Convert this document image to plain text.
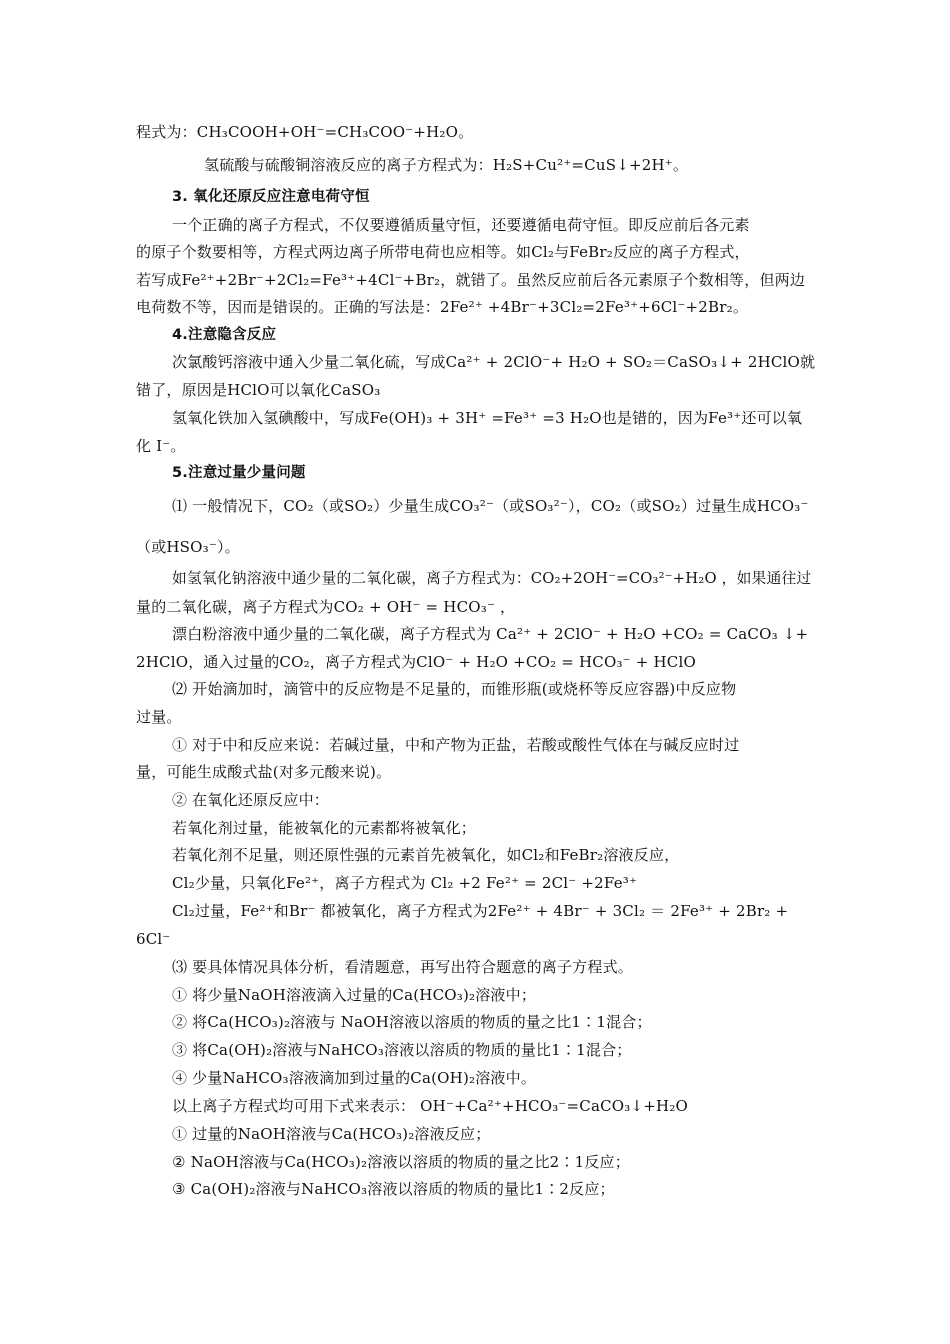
程式为：CH₃COOH+OH⁻=CH₃COO⁻+H₂O。
氢硫酸与硫酸铜溶液反应的离子方程式为：H₂S+Cu²⁺=CuS↓+2H⁺。
3. 氧化还原反应注意电荷守恒
一个正确的离子方程式，不仅要遵循质量守恒，还要遵循电荷守恒。即反应前后各元素
的原子个数要相等，方程式两边离子所带电荷也应相等。如Cl₂与FeBr₂反应的离子方程式，
若写成Fe²⁺+2Br⁻+2Cl₂=Fe³⁺+4Cl⁻+Br₂，就错了。虽然反应前后各元素原子个数相等，但两边
电荷数不等，因而是错误的。正确的写法是：2Fe²⁺ +4Br⁻+3Cl₂=2Fe³⁺+6Cl⁻+2Br₂。
4.注意隐含反应
次氯酸钙溶液中通入少量二氧化硫，写成Ca²⁺ + 2ClO⁻+ H₂O + SO₂＝CaSO₃↓+ 2HClO就
错了，原因是HClO可以氧化CaSO₃
氢氧化铁加入氢碘酸中，写成Fe(OH)₃ + 3H⁺ =Fe³⁺ =3 H₂O也是错的，因为Fe³⁺还可以氧
化 I⁻。
5.注意过量少量问题
⑴ 一般情况下，CO₂（或SO₂）少量生成CO₃²⁻（或SO₃²⁻），CO₂（或SO₂）过量生成HCO₃⁻
（或HSO₃⁻）。
如氢氧化钠溶液中通少量的二氧化碳，离子方程式为：CO₂+2OH⁻=CO₃²⁻+H₂O ，如果通往过
量的二氧化碳，离子方程式为CO₂ + OH⁻ = HCO₃⁻ ，
漂白粉溶液中通少量的二氧化碳，离子方程式为 Ca²⁺ + 2ClO⁻ + H₂O +CO₂ = CaCO₃ ↓+
2HClO，通入过量的CO₂，离子方程式为ClO⁻ + H₂O +CO₂ = HCO₃⁻ + HClO
⑵ 开始滴加时，滴管中的反应物是不足量的，而锥形瓶(或烧杯等反应容器)中反应物
过量。
① 对于中和反应来说：若碱过量，中和产物为正盐，若酸或酸性气体在与碱反应时过
量，可能生成酸式盐(对多元酸来说)。
② 在氧化还原反应中：
若氧化剂过量，能被氧化的元素都将被氧化；
若氧化剂不足量，则还原性强的元素首先被氧化，如Cl₂和FeBr₂溶液反应，
Cl₂少量，只氧化Fe²⁺，离子方程式为 Cl₂ +2 Fe²⁺ = 2Cl⁻ +2Fe³⁺
Cl₂过量，Fe²⁺和Br⁻ 都被氧化，离子方程式为2Fe²⁺ + 4Br⁻ + 3Cl₂ ＝ 2Fe³⁺ + 2Br₂ +
6Cl⁻
⑶ 要具体情况具体分析，看清题意，再写出符合题意的离子方程式。
① 将少量NaOH溶液滴入过量的Ca(HCO₃)₂溶液中；
② 将Ca(HCO₃)₂溶液与 NaOH溶液以溶质的物质的量之比1∶1混合；
③ 将Ca(OH)₂溶液与NaHCO₃溶液以溶质的物质的量比1∶1混合；
④ 少量NaHCO₃溶液滴加到过量的Ca(OH)₂溶液中。
以上离子方程式均可用下式来表示： OH⁻+Ca²⁺+HCO₃⁻=CaCO₃↓+H₂O
① 过量的NaOH溶液与Ca(HCO₃)₂溶液反应；
② NaOH溶液与Ca(HCO₃)₂溶液以溶质的物质的量之比2∶1反应；
③ Ca(OH)₂溶液与NaHCO₃溶液以溶质的物质的量比1∶2反应；
